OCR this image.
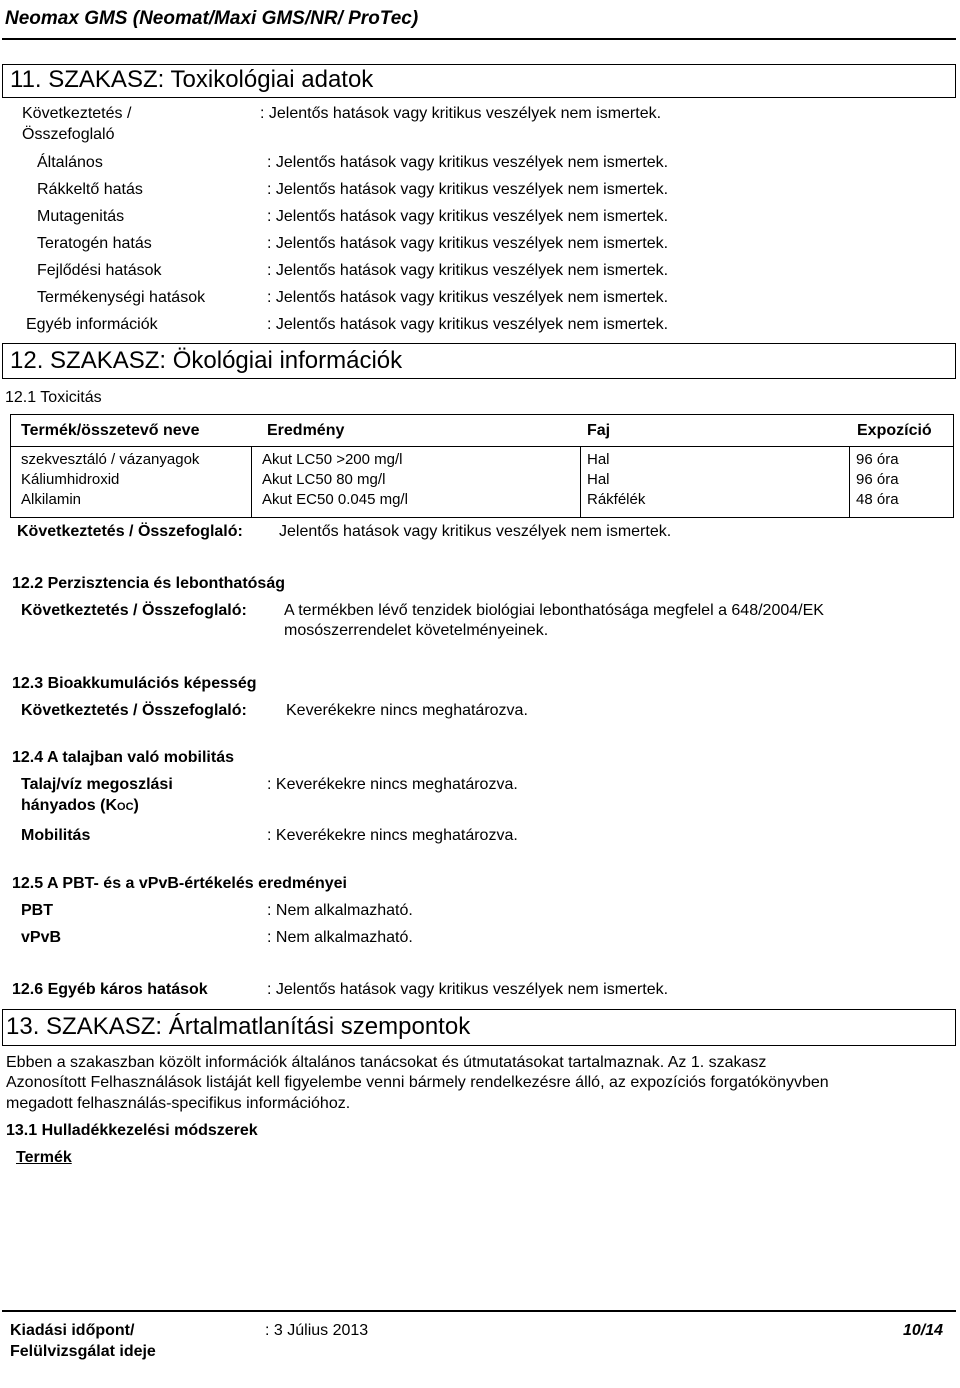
Neomax GMS (Neomat/Maxi GMS/NR/ ProTec)
11. SZAKASZ: Toxikológiai adatok
Következtetés /
Összefoglaló
: Jelentős hatások vagy kritikus veszélyek nem ismertek.
Általános	: Jelentős hatások vagy kritikus veszélyek nem ismertek.
Rákkeltő hatás	: Jelentős hatások vagy kritikus veszélyek nem ismertek.
Mutagenitás	: Jelentős hatások vagy kritikus veszélyek nem ismertek.
Teratogén hatás	: Jelentős hatások vagy kritikus veszélyek nem ismertek.
Fejlődési hatások	: Jelentős hatások vagy kritikus veszélyek nem ismertek.
Termékenységi hatások	: Jelentős hatások vagy kritikus veszélyek nem ismertek.
Egyéb információk	: Jelentős hatások vagy kritikus veszélyek nem ismertek.
12. SZAKASZ: Ökológiai információk
12.1 Toxicitás
Termék/összetevő neve	Eredmény	Faj	Expozíció
szekvesztáló / vázanyagok	Akut LC50 >200 mg/l	Hal	96 óra
Káliumhidroxid	Akut LC50 80 mg/l	Hal	96 óra
Alkilamin	Akut EC50 0.045 mg/l	Rákfélék	48 óra
Következtetés / Összefoglaló: Jelentős hatások vagy kritikus veszélyek nem ismertek.
12.2 Perzisztencia és lebonthatóság
Következtetés / Összefoglaló: A termékben lévő tenzidek biológiai lebonthatósága megfelel a 648/2004/EK
mosószerrendelet követelményeinek.
12.3 Bioakkumulációs képesség
Következtetés / Összefoglaló: Keverékekre nincs meghatározva.
12.4 A talajban való mobilitás
Talaj/víz megoszlási
hányados (KOC)
: Keverékekre nincs meghatározva.
Mobilitás	: Keverékekre nincs meghatározva.
12.5 A PBT- és a vPvB-értékelés eredményei
PBT	: Nem alkalmazható.
vPvB	: Nem alkalmazható.
12.6 Egyéb káros hatások	: Jelentős hatások vagy kritikus veszélyek nem ismertek.
13. SZAKASZ: Ártalmatlanítási szempontok
Ebben a szakaszban közölt információk általános tanácsokat és útmutatásokat tartalmaznak. Az 1. szakasz
Azonosított Felhasználások listáját kell figyelembe venni bármely rendelkezésre álló, az expozíciós forgatókönyvben
megadott felhasználás-specifikus információhoz.
13.1 Hulladékkezelési módszerek
Termék
Kiadási időpont/
Felülvizsgálat ideje
: 3 Július 2013	10/14
